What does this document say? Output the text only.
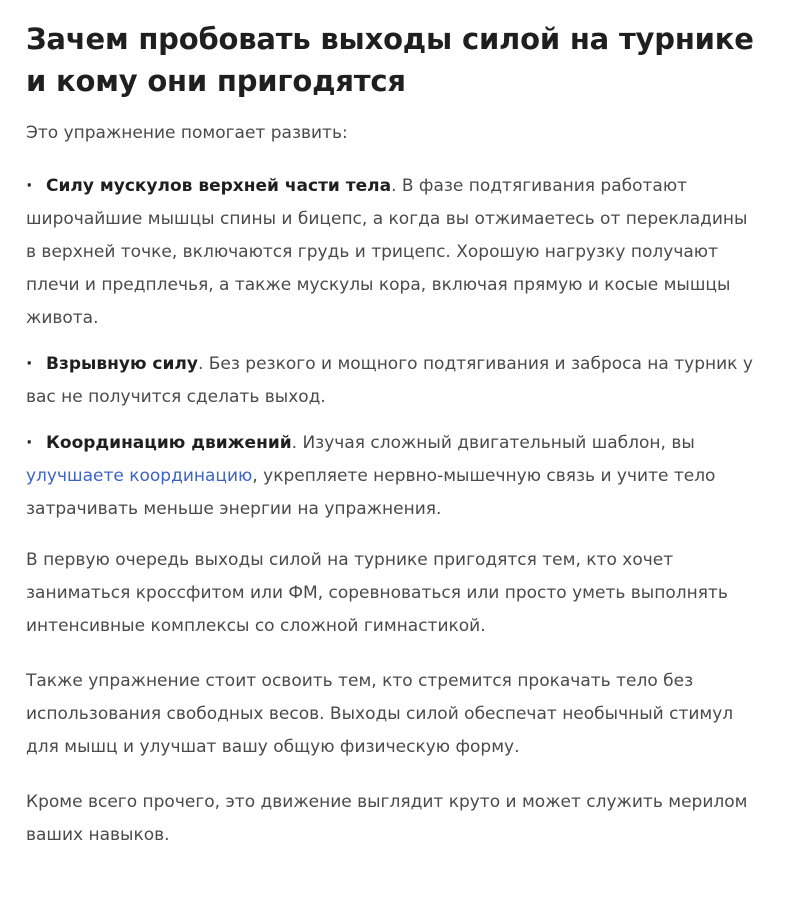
Зачем пробовать выходы силой на турнике и кому они пригодятся

Это упражнение помогает развить:

· Силу мускулов верхней части тела. В фазе подтягивания работают широчайшие мышцы спины и бицепс, а когда вы отжимаетесь от перекладины в верхней точке, включаются грудь и трицепс. Хорошую нагрузку получают плечи и предплечья, а также мускулы кора, включая прямую и косые мышцы живота.
· Взрывную силу. Без резкого и мощного подтягивания и заброса на турник у вас не получится сделать выход.
· Координацию движений. Изучая сложный двигательный шаблон, вы улучшаете координацию, укрепляете нервно-мышечную связь и учите тело затрачивать меньше энергии на упражнения.

В первую очередь выходы силой на турнике пригодятся тем, кто хочет заниматься кроссфитом или ФМ, соревноваться или просто уметь выполнять интенсивные комплексы со сложной гимнастикой.

Также упражнение стоит освоить тем, кто стремится прокачать тело без использования свободных весов. Выходы силой обеспечат необычный стимул для мышц и улучшат вашу общую физическую форму.

Кроме всего прочего, это движение выглядит круто и может служить мерилом ваших навыков.
